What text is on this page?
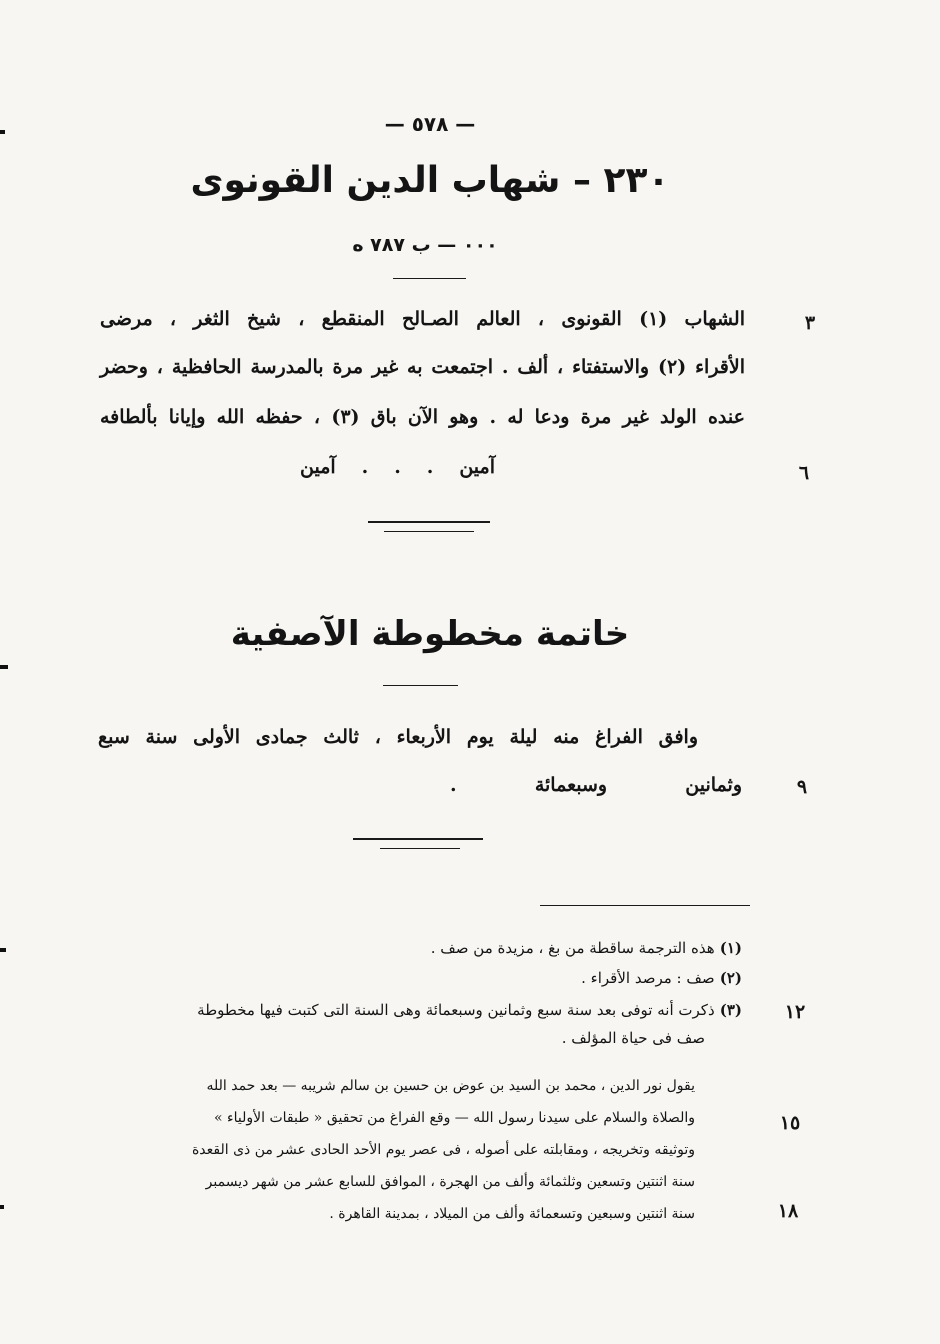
— ٥٧٨ —
٢٣٠ – شهاب الدين القونوى
٠٠٠ — ب ٧٨٧ ه
الشهاب (١) القونوى ، العالم الصـالح المنقطع ، شيخ الثغر ، مرضى
الأقراء (٢) والاستفتاء ، ألف . اجتمعت به غير مرة بالمدرسة الحافظية ، وحضر
عنده الولد غير مرة ودعا له . وهو الآن باق (٣) ، حفظه الله وإيانا بألطافه
آمين . . . آمين
٣
٦
خاتمة مخطوطة الآصفية
وافق الفراغ منه ليلة يوم الأربعاء ، ثالث جمادى الأولى سنة سبع
وثمانين وسبعمائة .	٩
(١) هذه الترجمة ساقطة من بغ ، مزيدة من صف .
(٢) صف : مرصد الأقراء .
(٣) ذكرت أنه توفى بعد سنة سبع وثمانين وسبعمائة وهى السنة التى كتبت فيها مخطوطة
صف فى حياة المؤلف .
١٢
يقول نور الدين ، محمد بن السيد بن عوض بن حسين بن سالم شريبه — بعد حمد الله
والصلاة والسلام على سيدنا رسول الله — وقع الفراغ من تحقيق « طبقات الأولياء »
وتوثيقه وتخريجه ، ومقابلته على أصوله ، فى عصر يوم الأحد الحادى عشر من ذى القعدة
سنة اثنتين وتسعين وثلثمائة وألف من الهجرة ، الموافق للسابع عشر من شهر ديسمبر
سنة اثنتين وسبعين وتسعمائة وألف من الميلاد ، بمدينة القاهرة .
١٥
١٨
